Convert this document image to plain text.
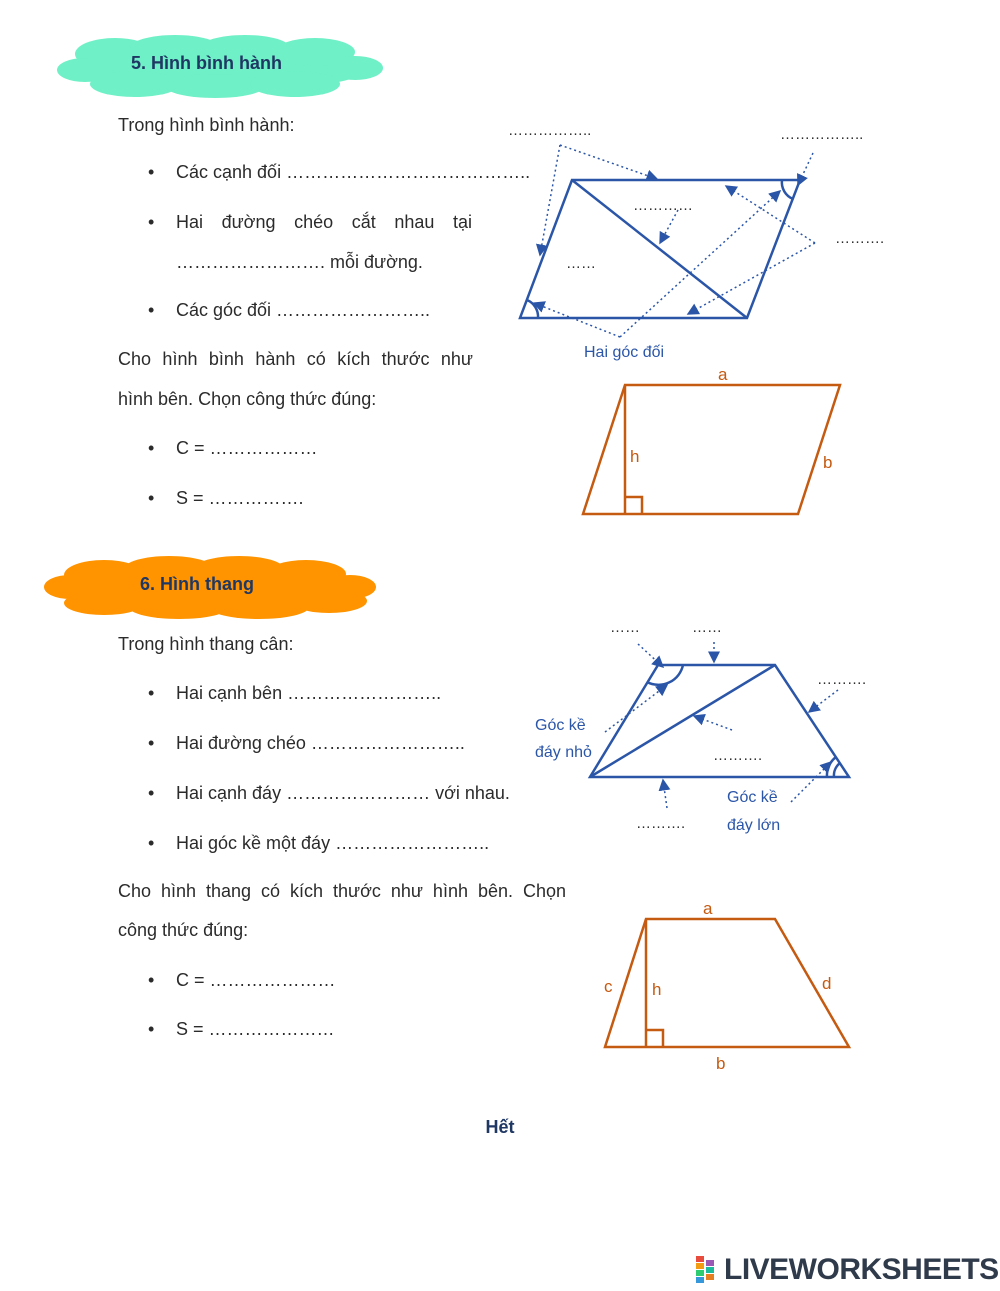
5. Hình bình hành
Trong hình bình hành:
• Các cạnh đối …………………………………..
• Hai đường chéo cắt nhau tại
……………………. mỗi đường.
• Các góc đối ……………………..
Cho hình bình hành có kích thước như
hình bên. Chọn công thức đúng:
• C = ………………
• S = …………….
……………..	……………..
…………
……….
……
Hai góc đối
a
h	b
6. Hình thang
Trong hình thang cân:
• Hai cạnh bên ……………………..
• Hai đường chéo ……………………..
• Hai cạnh đáy …………………… với nhau.
• Hai góc kề một đáy ……………………..
Cho hình thang có kích thước như hình bên. Chọn
công thức đúng:
• C = …………………
• S = …………………
……	……
……….
……….
……….
Góc kề
đáy nhỏ
Góc kề
đáy lớn
a
c h	d
b
Hết
LIVEWORKSHEETS
